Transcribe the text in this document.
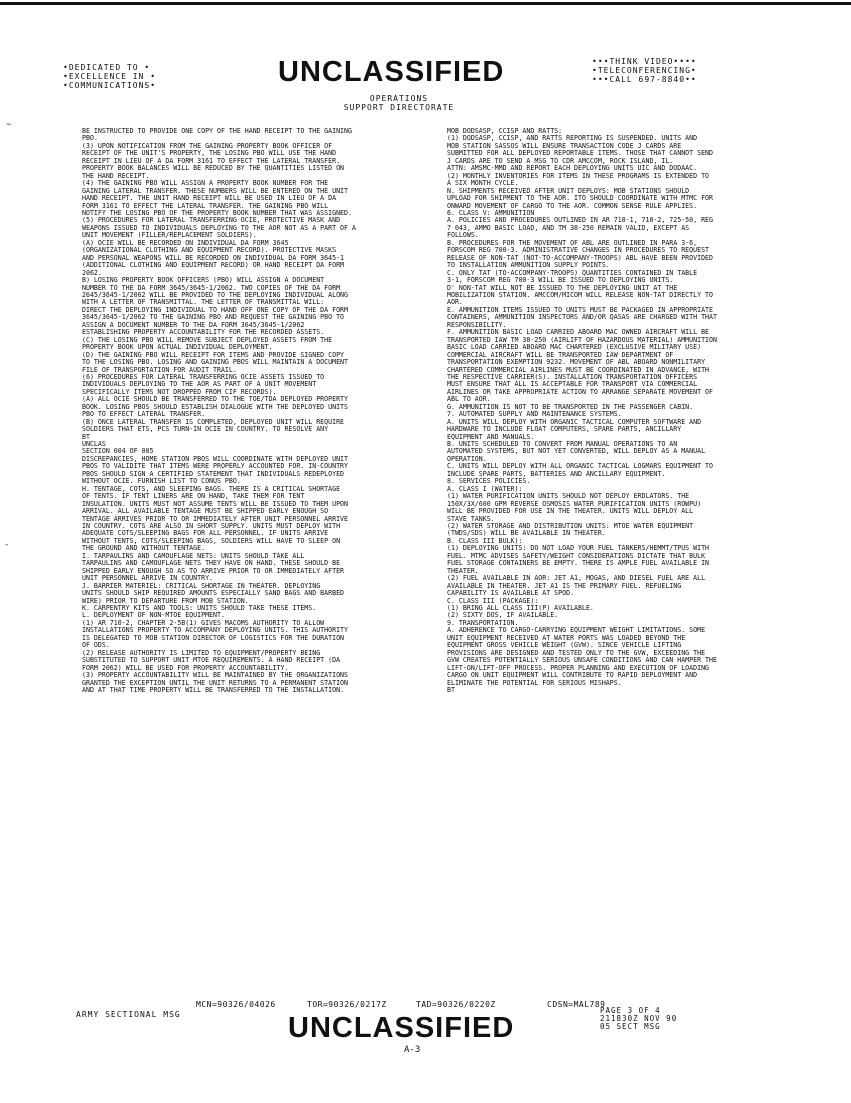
•DEDICATED TO •
•EXCELLENCE IN •
•COMMUNICATIONS•	UNCLASSIFIED	•••THINK VIDEO••••
•TELECONFERENCING•
•••CALL 697-8840••
OPERATIONS
SUPPORT DIRECTORATE

BE INSTRUCTED TO PROVIDE ONE COPY OF THE HAND RECEIPT TO THE GAINING

PBO.

(3) UPON NOTIFICATION FROM THE GAINING PROPERTY BOOK OFFICER OF

RECEIPT OF THE UNIT'S PROPERTY, THE LOSING PBO WILL USE THE HAND

RECEIPT IN LIEU OF A DA FORM 3161 TO EFFECT THE LATERAL TRANSFER.

PROPERTY BOOK BALANCES WILL BE REDUCED BY THE QUANTITIES LISTED ON

THE HAND RECEIPT.

(4) THE GAINING PBO WILL ASSIGN A PROPERTY BOOK NUMBER FOR THE

GAINING LATERAL TRANSFER. THESE NUMBERS WILL BE ENTERED ON THE UNIT

HAND RECEIPT. THE UNIT HAND RECEIPT WILL BE USED IN LIEU OF A DA

FORM 3161 TO EFFECT THE LATERAL TRANSFER. THE GAINING PBO WILL

NOTIFY THE LOSING PBO OF THE PROPERTY BOOK NUMBER THAT WAS ASSIGNED.

(5) PROCEDURES FOR LATERAL TRANSFERRING OCIE, PROTECTIVE MASK AND

WEAPONS ISSUED TO INDIVIDUALS DEPLOYING TO THE AOR NOT AS A PART OF A

UNIT MOVEMENT (FILLER/REPLACEMENT SOLDIERS).

(A) OCIE WILL BE RECORDED ON INDIVIDUAL DA FORM 3645

(ORGANIZATIONAL CLOTHING AND EQUIPMENT RECORD). PROTECTIVE MASKS

AND PERSONAL WEAPONS WILL BE RECORDED ON INDIVIDUAL DA FORM 3645-1

(ADDITIONAL CLOTHING AND EQUIPMENT RECORD) OR HAND RECEIPT DA FORM

2062.

B) LOSING PROPERTY BOOK OFFICERS (PBO) WILL ASSIGN A DOCUMENT

NUMBER TO THE DA FORM 3645/3645-1/2062. TWO COPIES OF THE DA FORM

2645/3645-1/2062 WILL BE PROVIDED TO THE DEPLOYING INDIVIDUAL ALONG

WITH A LETTER OF TRANSMITTAL. THE LETTER OF TRANSMITTAL WILL:

DIRECT THE DEPLOYING INDIVIDUAL TO HAND OFF ONE COPY OF THE DA FORM

3645/3645-1/2062 TO THE GAINING PBO AND REQUEST THE GAINING PBO TO

ASSIGN A DOCUMENT NUMBER TO THE DA FORM 3645/3645-1/2062

ESTABLISHING PROPERTY ACCOUNTABILITY FOR THE RECORDED ASSETS.

(C) THE LOSING PBO WILL REMOVE SUBJECT DEPLOYED ASSETS FROM THE

PROPERTY BOOK UPON ACTUAL INDIVIDUAL DEPLOYMENT.

(D) THE GAINING PBO WILL RECEIPT FOR ITEMS AND PROVIDE SIGNED COPY

TO THE LOSING PBO. LOSING AND GAINING PBOS WILL MAINTAIN A DOCUMENT

FILE OF TRANSPORTATION FOR AUDIT TRAIL.

(6) PROCEDURES FOR LATERAL TRANSFERRING OCIE ASSETS ISSUED TO

INDIVIDUALS DEPLOYING TO THE AOR AS PART OF A UNIT MOVEMENT

SPECIFICALLY ITEMS NOT DROPPED FROM CIF RECORDS).

(A) ALL OCIE SHOULD BE TRANSFERRED TO THE TOE/TDA DEPLOYED PROPERTY

BOOK. LOSING PBOS SHOULD ESTABLISH DIALOGUE WITH THE DEPLOYED UNITS

PBO TO EFFECT LATERAL TRANSFER.

(B) ONCE LATERAL TRANSFER IS COMPLETED, DEPLOYED UNIT WILL REQUIRE

SOLDIERS THAT ETS, PCS TURN-IN OCIE IN COUNTRY. TO RESOLVE ANY

BT

UNCLAS

SECTION 004 OF 005

DISCREPANCIES, HOME STATION PBOS WILL COORDINATE WITH DEPLOYED UNIT

PBOS TO VALIDITE THAT ITEMS WERE PROPERLY ACCOUNTED FOR. IN-COUNTRY

PBOS SHOULD SIGN A CERTIFIED STATEMENT THAT INDIVIDUALS REDEPLOYED

WITHOUT OCIE. FURNISH LIST TO CONUS PBO.

H. TENTAGE, COTS, AND SLEEPING BAGS. THERE IS A CRITICAL SHORTAGE

OF TENTS. IF TENT LINERS ARE ON HAND, TAKE THEM FOR TENT

INSULATION. UNITS MUST NOT ASSUME TENTS WILL BE ISSUED TO THEM UPON

ARRIVAL. ALL AVAILABLE TENTAGE MUST BE SHIPPED EARLY ENOUGH SO

TENTAGE ARRIVES PRIOR TO OR IMMEDIATELY AFTER UNIT PERSONNEL ARRIVE

IN COUNTRY. COTS ARE ALSO IN SHORT SUPPLY. UNITS MUST DEPLOY WITH

ADEQUATE COTS/SLEEPING BAGS FOR ALL PERSONNEL. IF UNITS ARRIVE

WITHOUT TENTS, COTS/SLEEPING BAGS, SOLDIERS WILL HAVE TO SLEEP ON

THE GROUND AND WITHOUT TENTAGE.

I. TARPAULINS AND CAMOUFLAGE NETS: UNITS SHOULD TAKE ALL

TARPAULINS AND CAMOUFLAGE NETS THEY HAVE ON HAND. THESE SHOULD BE

SHIPPED EARLY ENOUGH SO AS TO ARRIVE PRIOR TO OR IMMEDIATELY AFTER

UNIT PERSONNEL ARRIVE IN COUNTRY.

J. BARRIER MATERIEL: CRITICAL SHORTAGE IN THEATER. DEPLOYING

UNITS SHOULD SHIP REQUIRED AMOUNTS ESPECIALLY SAND BAGS AND BARBED

WIRE) PRIOR TO DEPARTURE FROM MOB STATION.

K. CARPENTRY KITS AND TOOLS: UNITS SHOULD TAKE THESE ITEMS.

L. DEPLOYMENT OF NON-MTOE EQUIPMENT.

(1) AR 710-2, CHAPTER 2-5B(1) GIVES MACOMS AUTHORITY TO ALLOW

INSTALLATIONS PROPERTY TO ACCOMPANY DEPLOYING UNITS. THIS AUTHORITY

IS DELEGATED TO MOB STATION DIRECTOR OF LOGISTICS FOR THE DURATION

OF ODS.

(2) RELEASE AUTHORITY IS LIMITED TO EQUIPMENT/PROPERTY BEING

SUBSTITUTED TO SUPPORT UNIT MTOE REQUIREMENTS. A HAND RECEIPT (DA

FORM 2062) WILL BE USED FOR PROPERTY ACCOUNTABILITY.

(3) PROPERTY ACCOUNTABILITY WILL BE MAINTAINED BY THE ORGANIZATIONS

GRANTED THE EXCEPTION UNTIL THE UNIT RETURNS TO A PERMANENT STATION

AND AT THAT TIME PROPERTY WILL BE TRANSFERRED TO THE INSTALLATION.

MOB DODSASP, CCISP AND RATTS:

(1) DODSASP, CCISP, AND RATTS REPORTING IS SUSPENDED. UNITS AND

MOB STATION SASSOS WILL ENSURE TRANSACTION CODE J CARDS ARE

SUBMITTED FOR ALL DEPLOYED REPORTABLE ITEMS. THOSE THAT CANNOT SEND

J CARDS ARE TO SEND A MSG TO CDR AMCCOM, ROCK ISLAND, IL.

ATTN: AMSMC-MMD AND REPORT EACH DEPLOYING UNITS UIC AND DODAAC.

(2) MONTHLY INVENTORIES FOR ITEMS IN THESE PROGRAMS IS EXTENDED TO

A SIX MONTH CYCLE.

N. SHIPMENTS RECEIVED AFTER UNIT DEPLOYS: MOB STATIONS SHOULD

UPLOAD FOR SHIPMENT TO THE AOR. ITO SHOULD COORDINATE WITH MTMC FOR

ONWARD MOVEMENT OF CARGO TO THE AOR. COMMON SENSE RULE APPLIES.

6. CLASS V: AMMUNITION

A. POLICIES AND PROCEDURES OUTLINED IN AR 710-1, 710-2, 725-50, REG

7 043, AMMO BASIC LOAD, AND TM 38-250 REMAIN VALID, EXCEPT AS

FOLLOWS.

B. PROCEDURES FOR THE MOVEMENT OF ABL ARE OUTLINED IN PARA 3-6,

FORSCOM REG 700-3. ADMINISTRATIVE CHANGES IN PROCEDURES TO REQUEST

RELEASE OF NON-TAT (NOT-TO-ACCOMPANY-TROOPS) ABL HAVE BEEN PROVIDED

TO INSTALLATION AMMUNITION SUPPLY POINTS.

C. ONLY TAT (TO-ACCOMPANY-TROOPS) QUANTITIES CONTAINED IN TABLE

3-1, FORSCOM REG 700-3 WILL BE ISSUED TO DEPLOYING UNITS.

D' NON-TAT WILL NOT BE ISSUED TO THE DEPLOYING UNIT AT THE

MOBILIZATION STATION. AMCCOM/MICOM WILL RELEASE NON-TAT DIRECTLY TO

AOR.

E. AMMUNITION ITEMS ISSUED TO UNITS MUST BE PACKAGED IN APPROPRIATE

CONTAINERS, AMMUNITION INSPECTORS AND/OR QASAS ARE CHARGED WITH THAT

RESPONSIBILITY.

F. AMMUNITION BASIC LOAD CARRIED ABOARD MAC OWNED AIRCRAFT WILL BE

TRANSPORTED IAW TM 38-250 (AIRLIFT OF HAZARDOUS MATERIAL) AMMUNITION

BASIC LOAD CARRIED ABOARD MAC CHARTERED (EXCLUSIVE MILITARY USE)

COMMERCIAL AIRCRAFT WILL BE TRANSPORTED IAW DEPARTMENT OF

TRANSPORTATION EXEMPTION 9232. MOVEMENT OF ABL ABOARD NONMILITARY

CHARTERED COMMERCIAL AIRLINES MUST BE COORDINATED IN ADVANCE, WITH

THE RESPECTIVE CARRIER(S). INSTALLATION TRANSPORTATION OFFICERS

MUST ENSURE THAT ALL IS ACCEPTABLE FOR TRANSPORT VIA COMMERCIAL

AIRLINES OR TAKE APPROPRIATE ACTION TO ARRANGE SEPARATE MOVEMENT OF

ABL TO AOR.

G. AMMUNITION IS NOT TO BE TRANSPORTED IN THE PASSENGER CABIN.

7. AUTOMATED SUPPLY AND MAINTENANCE SYSTEMS.

A. UNITS WILL DEPLOY WITH ORGANIC TACTICAL COMPUTER SOFTWARE AND

HARDWARE TO INCLUDE FLOAT COMPUTERS, SPARE PARTS, ANCILLARY

EQUIPMENT AND MANUALS.

B. UNITS SCHEDULED TO CONVERT FROM MANUAL OPERATIONS TO AN

AUTOMATED SYSTEMS, BUT NOT YET CONVERTED, WILL DEPLOY AS A MANUAL

OPERATION.

C. UNITS WILL DEPLOY WITH ALL ORGANIC TACTICAL LOGMARS EQUIPMENT TO

INCLUDE SPARE PARTS, BATTERIES AND ANCILLARY EQUIPMENT.

8. SERVICES POLICIES.

A. CLASS I (WATER):

(1) WATER PURIFICATION UNITS SHOULD NOT DEPLOY ERDLATORS. THE

150X/3X/600 GPM REVERSE OSMOSIS WATER PURIFICATION UNITS (ROWPU)

WILL BE PROVIDED FOR USE IN THE THEATER. UNITS WILL DEPLOY ALL

STAVE TANKS.

(2) WATER STORAGE AND DISTRIBUTION UNITS: MTOE WATER EQUIPMENT

(TWDS/SDS) WILL BE AVAILABLE IN THEATER.

B. CLASS III BULK):

(1) DEPLOYING UNITS: DO NOT LOAD YOUR FUEL TANKERS/HEMMT/TPUS WITH

FUEL. MTMC ADVISES SAFETY/WEIGHT CONSIDERATIONS DICTATE THAT BULK

FUEL STORAGE CONTAINERS BE EMPTY. THERE IS AMPLE FUEL AVAILABLE IN

THEATER.

(2) FUEL AVAILABLE IN AOR: JET A1, MOGAS, AND DIESEL FUEL ARE ALL

AVAILABLE IN THEATER. JET A1 IS THE PRIMARY FUEL. REFUELING

CAPABILITY IS AVAILABLE AT SPOD.

C. CLASS III (PACKAGE):

(1) BRING ALL CLASS III(P) AVAILABLE.

(2) SIXTY DOS, IF AVAILABLE.

9. TRANSPORTATION.

A. ADHERENCE TO CARGO-CARRYING EQUIPMENT WEIGHT LIMITATIONS. SOME

UNIT EQUIPMENT RECEIVED AT WATER PORTS WAS LOADED BEYOND THE

EQUIPMENT GROSS VEHICLE WEIGHT (GVW). SINCE VEHICLE LIFTING

PROVISIONS ARE DESIGNED AND TESTED ONLY TO THE GVW, EXCEEDING THE

GVW CREATES POTENTIALLY SERIOUS UNSAFE CONDITIONS AND CAN HAMPER THE

LIFT-ON/LIFT-OFF PROCESS. PROPER PLANNING AND EXECUTION OF LOADING

CARGO ON UNIT EQUIPMENT WILL CONTRIBUTE TO RAPID DEPLOYMENT AND

ELIMINATE THE POTENTIAL FOR SERIOUS MISHAPS.

BT

MCN=90326/04026	TOR=90326/0217Z	TAD=90326/0220Z	CDSN=MAL789
ARMY SECTIONAL MSG	PAGE 3 OF 4
211830Z NOV 90
05 SECT MSG
UNCLASSIFIED
A-3
~
-
